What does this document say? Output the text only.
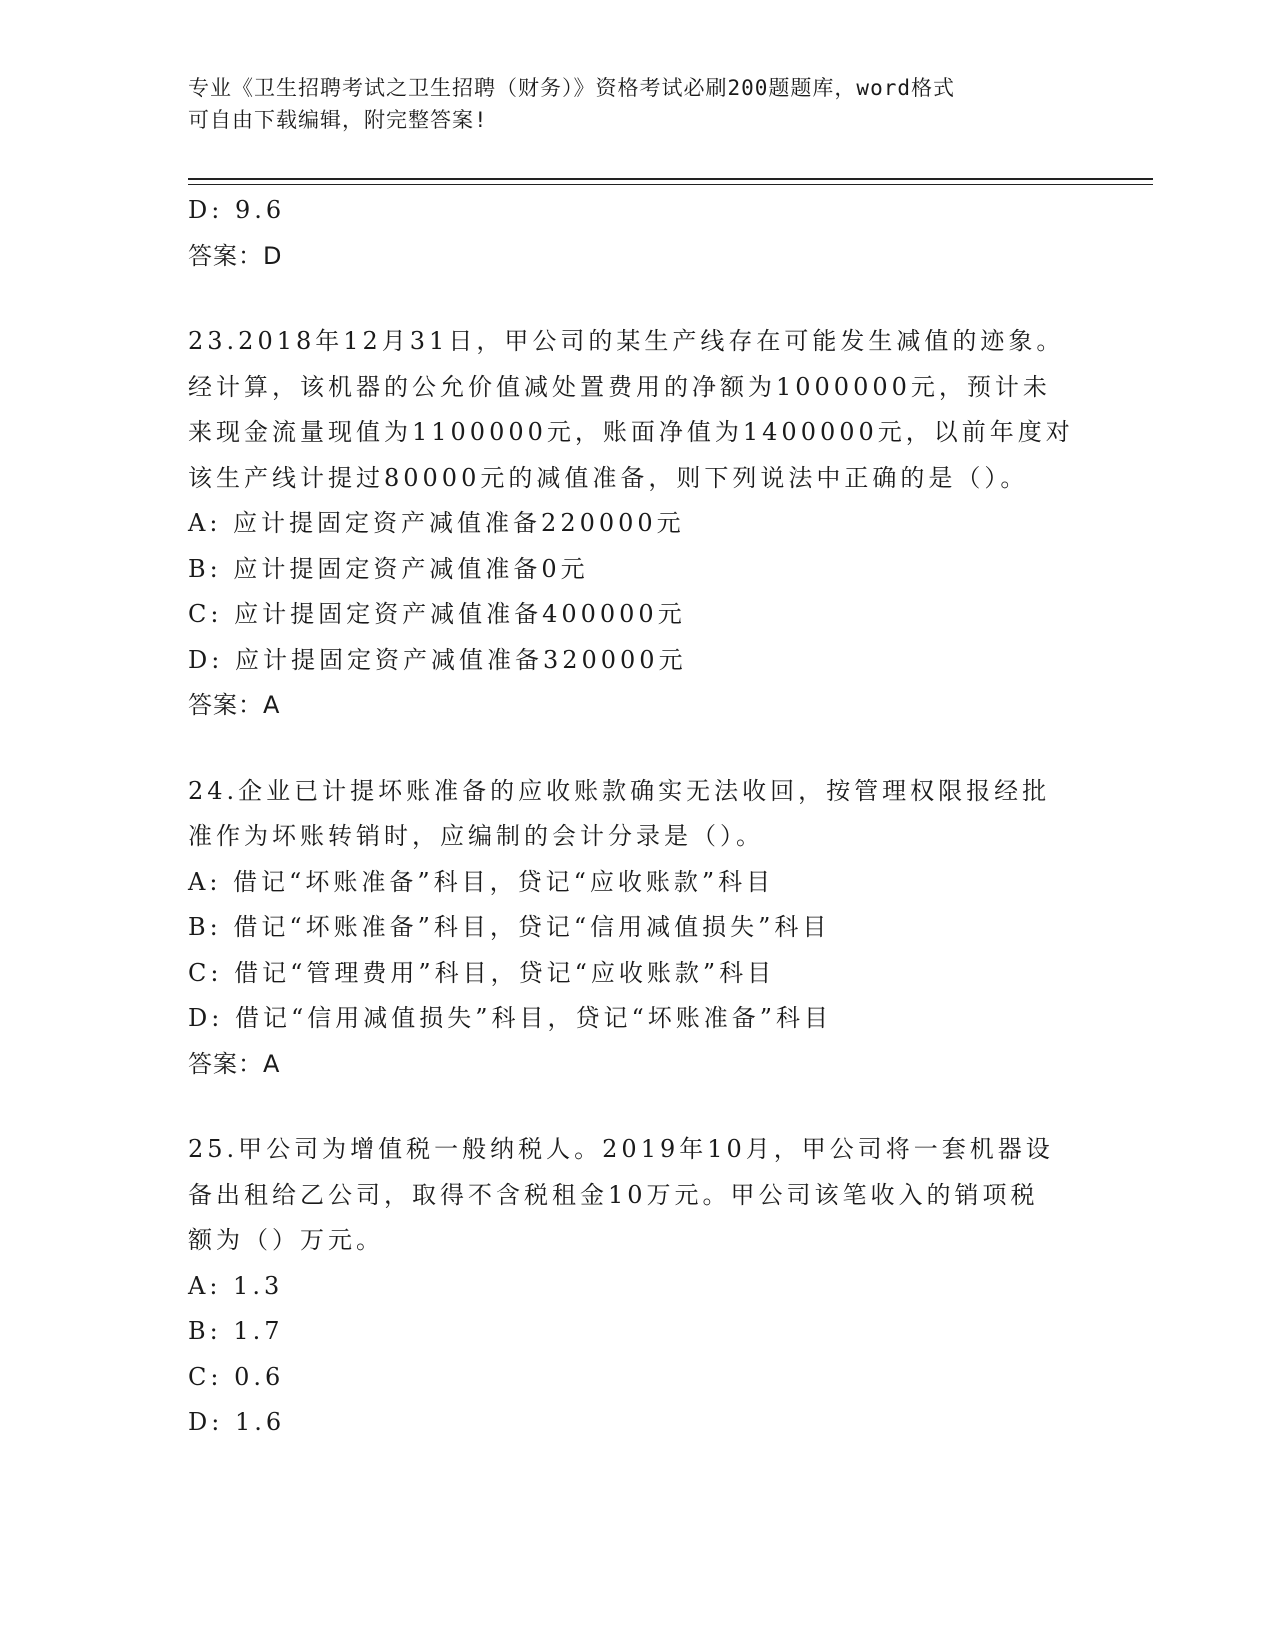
专业《卫生招聘考试之卫生招聘（财务）》资格考试必刷200题题库，word格式
可自由下载编辑，附完整答案!
D: 9.6
答案：D
23.2018年12月31日，甲公司的某生产线存在可能发生减值的迹象。
经计算，该机器的公允价值减处置费用的净额为1000000元，预计未
来现金流量现值为1100000元，账面净值为1400000元，以前年度对
该生产线计提过80000元的减值准备，则下列说法中正确的是（）。
A: 应计提固定资产减值准备220000元
B: 应计提固定资产减值准备0元
C: 应计提固定资产减值准备400000元
D: 应计提固定资产减值准备320000元
答案：A
24.企业已计提坏账准备的应收账款确实无法收回，按管理权限报经批
准作为坏账转销时，应编制的会计分录是（）。
A: 借记“坏账准备”科目，贷记“应收账款”科目
B: 借记“坏账准备”科目，贷记“信用减值损失”科目
C: 借记“管理费用”科目，贷记“应收账款”科目
D: 借记“信用减值损失”科目，贷记“坏账准备”科目
答案：A
25.甲公司为增值税一般纳税人。2019年10月，甲公司将一套机器设
备出租给乙公司，取得不含税租金10万元。甲公司该笔收入的销项税
额为（）万元。
A: 1.3
B: 1.7
C: 0.6
D: 1.6
